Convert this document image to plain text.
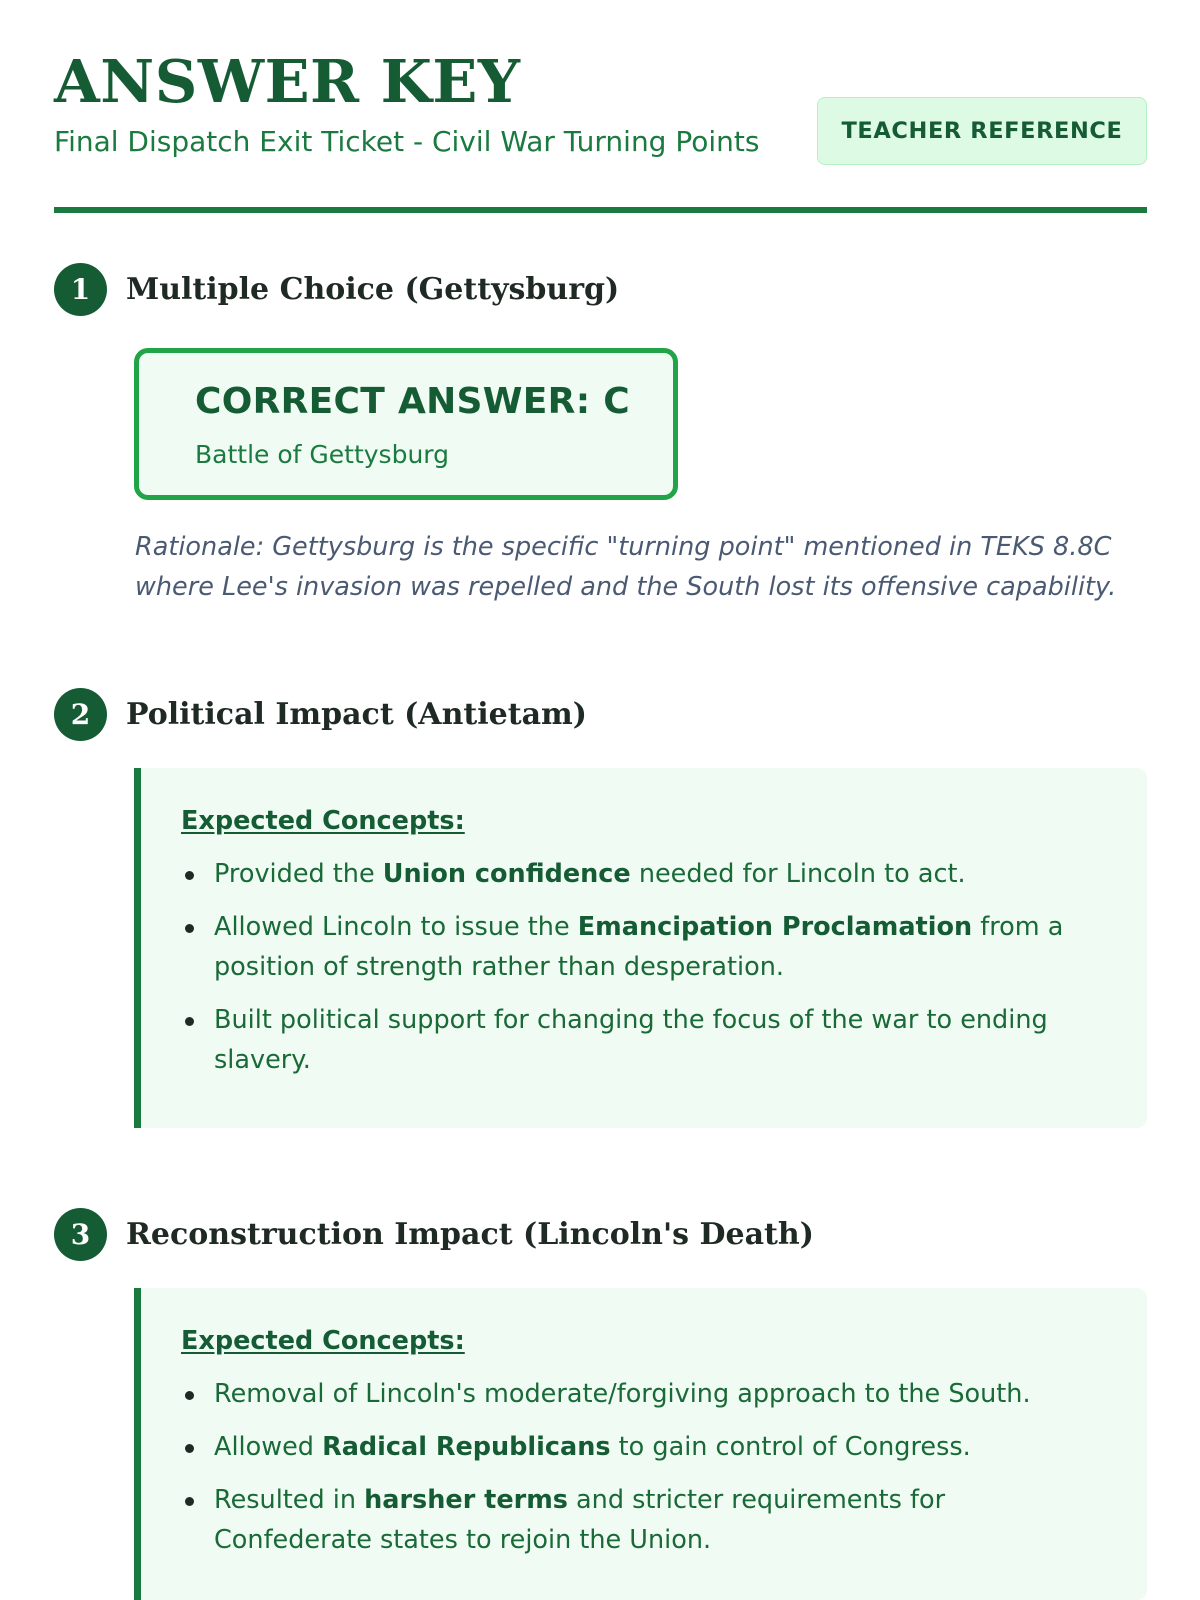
ANSWER KEY
Final Dispatch Exit Ticket - Civil War Turning Points	TEACHER REFERENCE
1	Multiple Choice (Gettysburg)
CORRECT ANSWER: C
Battle of Gettysburg
Rationale: Gettysburg is the specific "turning point" mentioned in TEKS 8.8C where Lee's invasion was repelled and the South lost its offensive capability.
2	Political Impact (Antietam)
Expected Concepts:
Provided the Union confidence needed for Lincoln to act.
Allowed Lincoln to issue the Emancipation Proclamation from a position of strength rather than desperation.
Built political support for changing the focus of the war to ending slavery.
3	Reconstruction Impact (Lincoln's Death)
Expected Concepts:
Removal of Lincoln's moderate/forgiving approach to the South.
Allowed Radical Republicans to gain control of Congress.
Resulted in harsher terms and stricter requirements for Confederate states to rejoin the Union.
